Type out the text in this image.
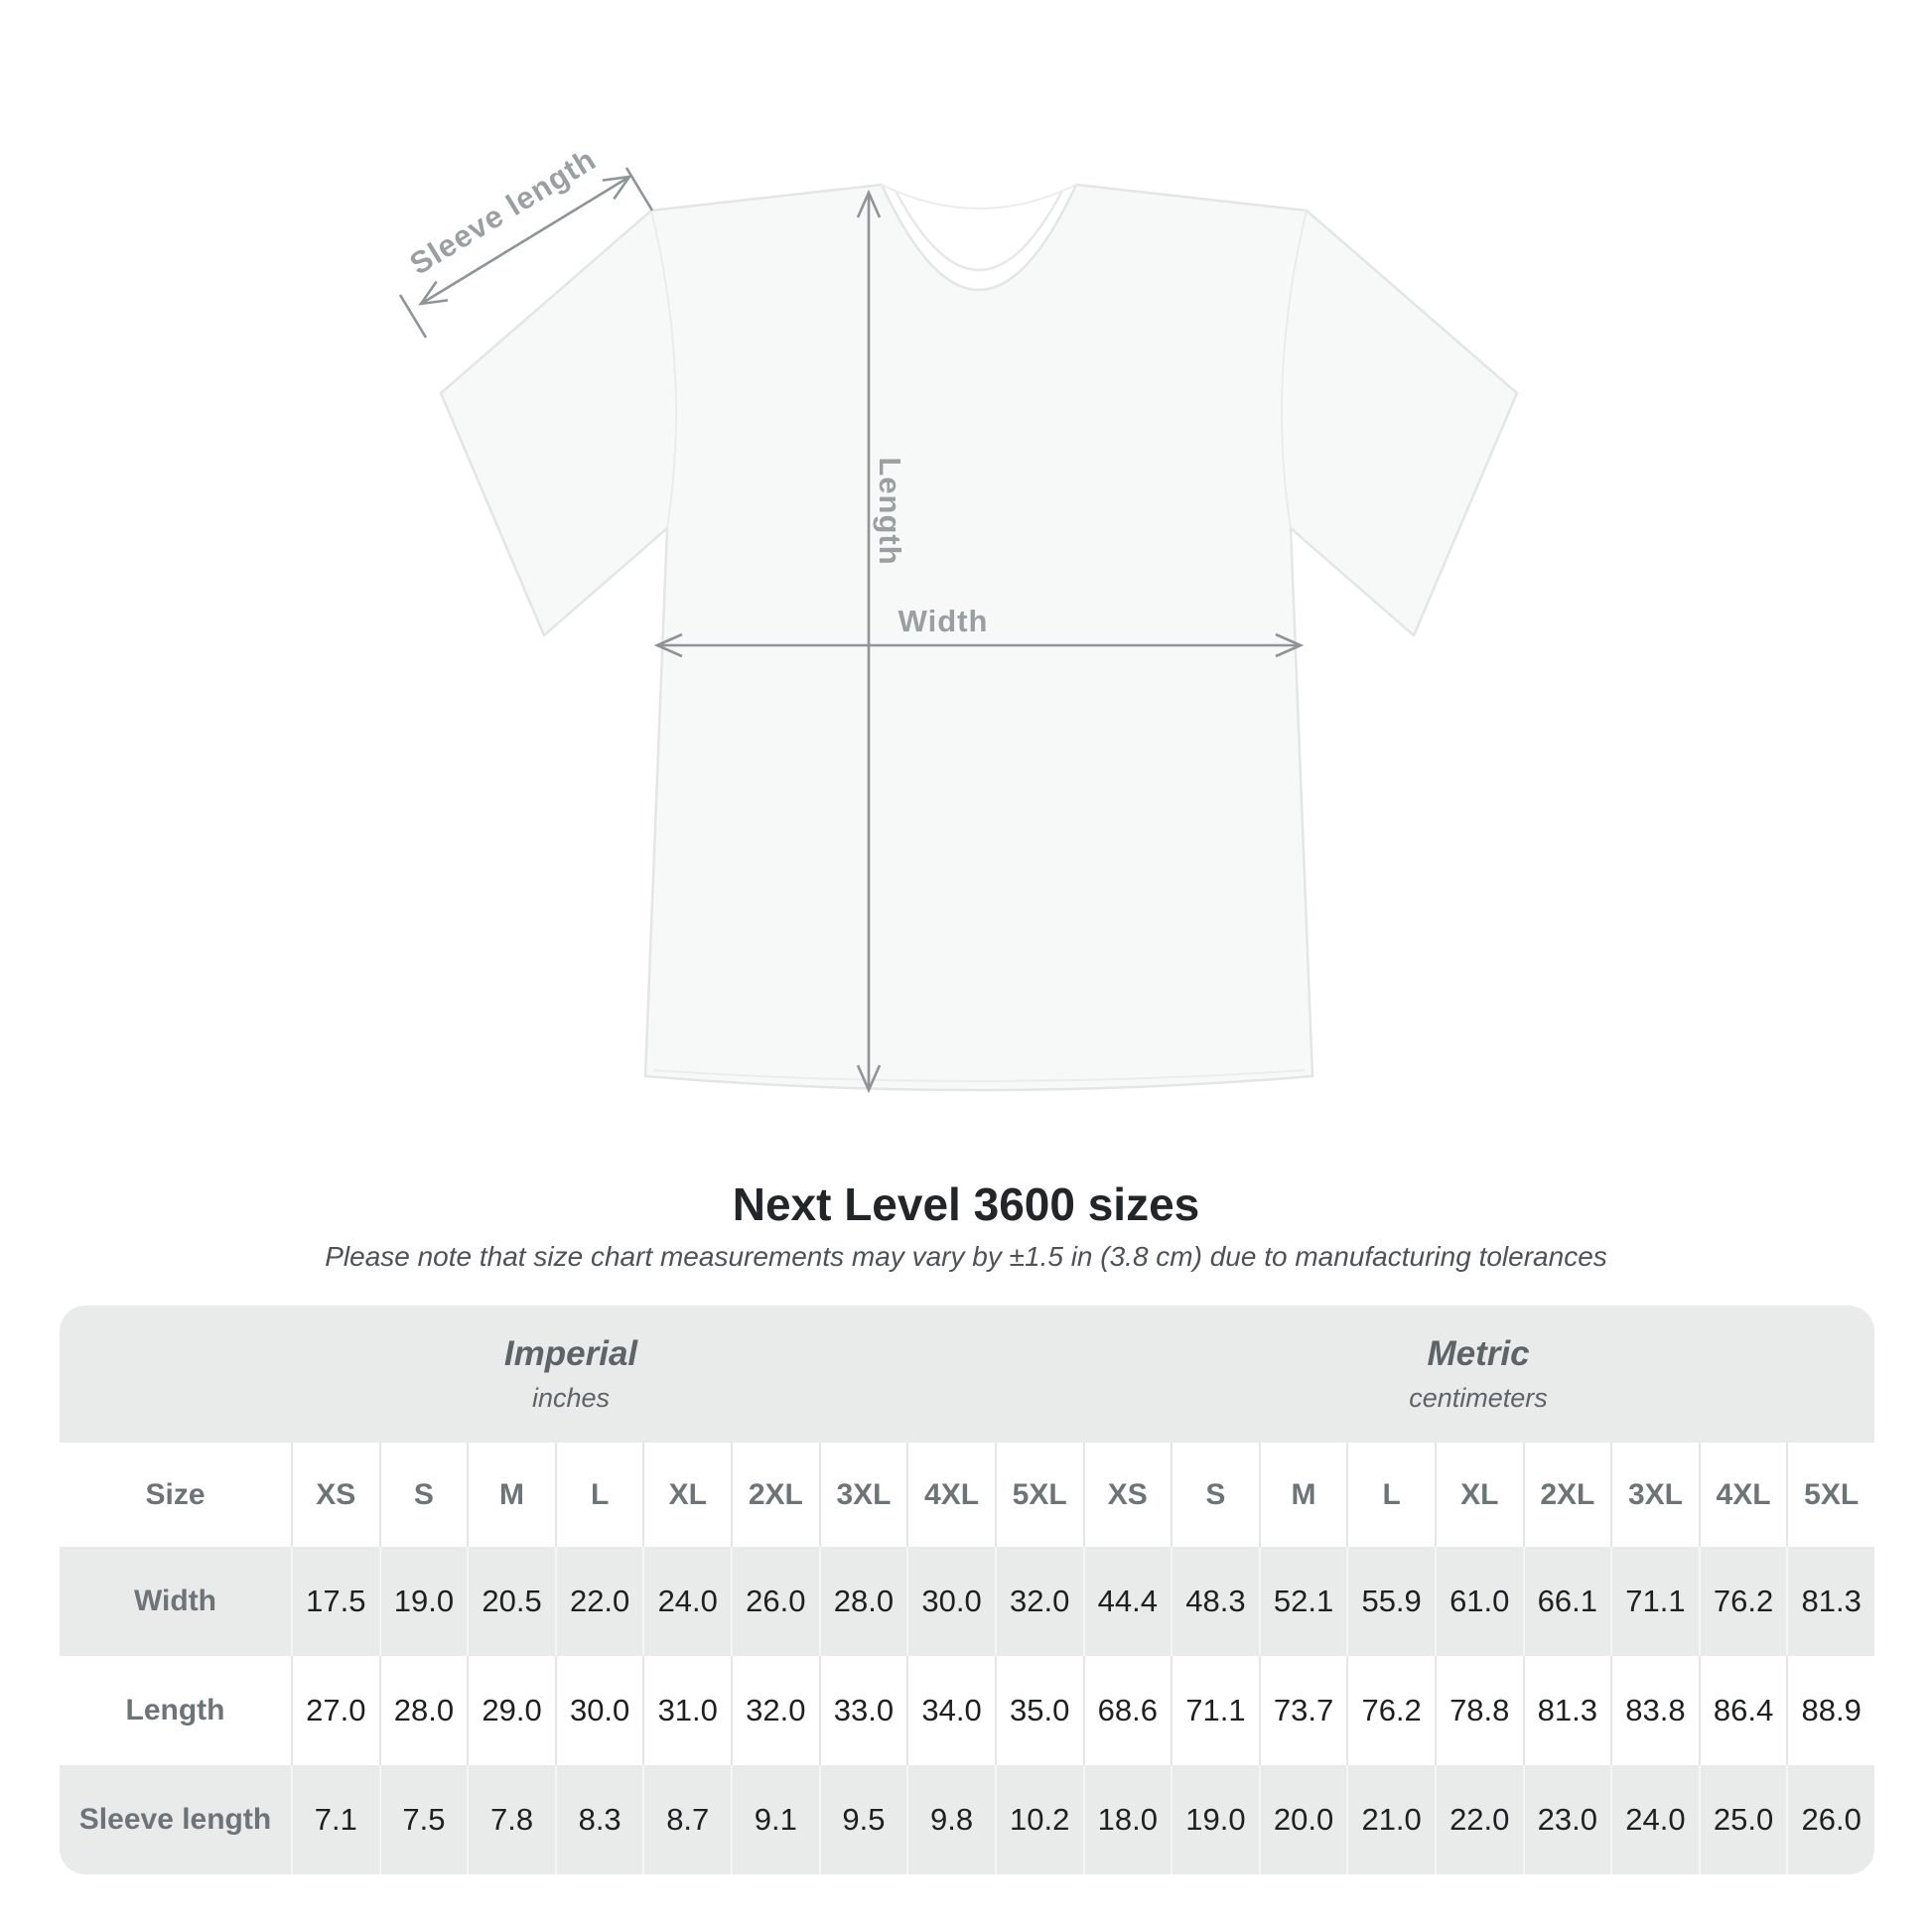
Sleeve length
Length
Width
Next Level 3600 sizes

Please note that size chart measurements may vary by ±1.5 in (3.8 cm) due to manufacturing tolerances

Imperial
inches
Metric
centimeters
Size	XS	S	M	L	XL	2XL	3XL	4XL	5XL	XS	S	M	L	XL	2XL	3XL	4XL	5XL
Width	17.5 19.0 20.5 22.0 24.0 26.0 28.0 30.0 32.0 44.4 48.3 52.1 55.9 61.0 66.1 71.1 76.2 81.3
Length	27.0 28.0 29.0 30.0 31.0 32.0 33.0 34.0 35.0 68.6 71.1 73.7 76.2 78.8 81.3 83.8 86.4 88.9
Sleeve length	7.1	7.5	7.8	8.3	8.7	9.1	9.5	9.8	10.2 18.0 19.0 20.0 21.0 22.0 23.0 24.0 25.0 26.0
